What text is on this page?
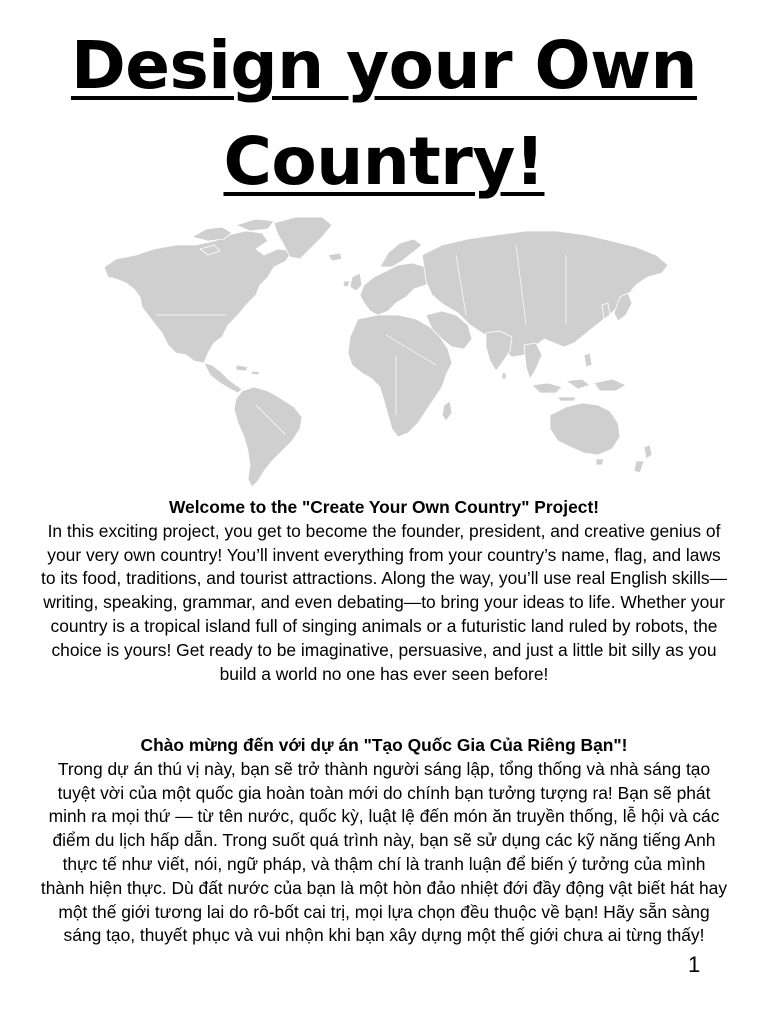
Design your Own Country!
Welcome to the "Create Your Own Country" Project!
In this exciting project, you get to become the founder, president, and creative genius of your very own country! You’ll invent everything from your country’s name, flag, and laws to its food, traditions, and tourist attractions. Along the way, you’ll use real English skills—writing, speaking, grammar, and even debating—to bring your ideas to life. Whether your country is a tropical island full of singing animals or a futuristic land ruled by robots, the choice is yours! Get ready to be imaginative, persuasive, and just a little bit silly as you build a world no one has ever seen before!
Chào mừng đến với dự án "Tạo Quốc Gia Của Riêng Bạn"!
Trong dự án thú vị này, bạn sẽ trở thành người sáng lập, tổng thống và nhà sáng tạo tuyệt vời của một quốc gia hoàn toàn mới do chính bạn tưởng tượng ra! Bạn sẽ phát minh ra mọi thứ — từ tên nước, quốc kỳ, luật lệ đến món ăn truyền thống, lễ hội và các điểm du lịch hấp dẫn. Trong suốt quá trình này, bạn sẽ sử dụng các kỹ năng tiếng Anh thực tế như viết, nói, ngữ pháp, và thậm chí là tranh luận để biến ý tưởng của mình thành hiện thực. Dù đất nước của bạn là một hòn đảo nhiệt đới đầy động vật biết hát hay một thế giới tương lai do rô-bốt cai trị, mọi lựa chọn đều thuộc về bạn! Hãy sẵn sàng sáng tạo, thuyết phục và vui nhộn khi bạn xây dựng một thế giới chưa ai từng thấy!
1
